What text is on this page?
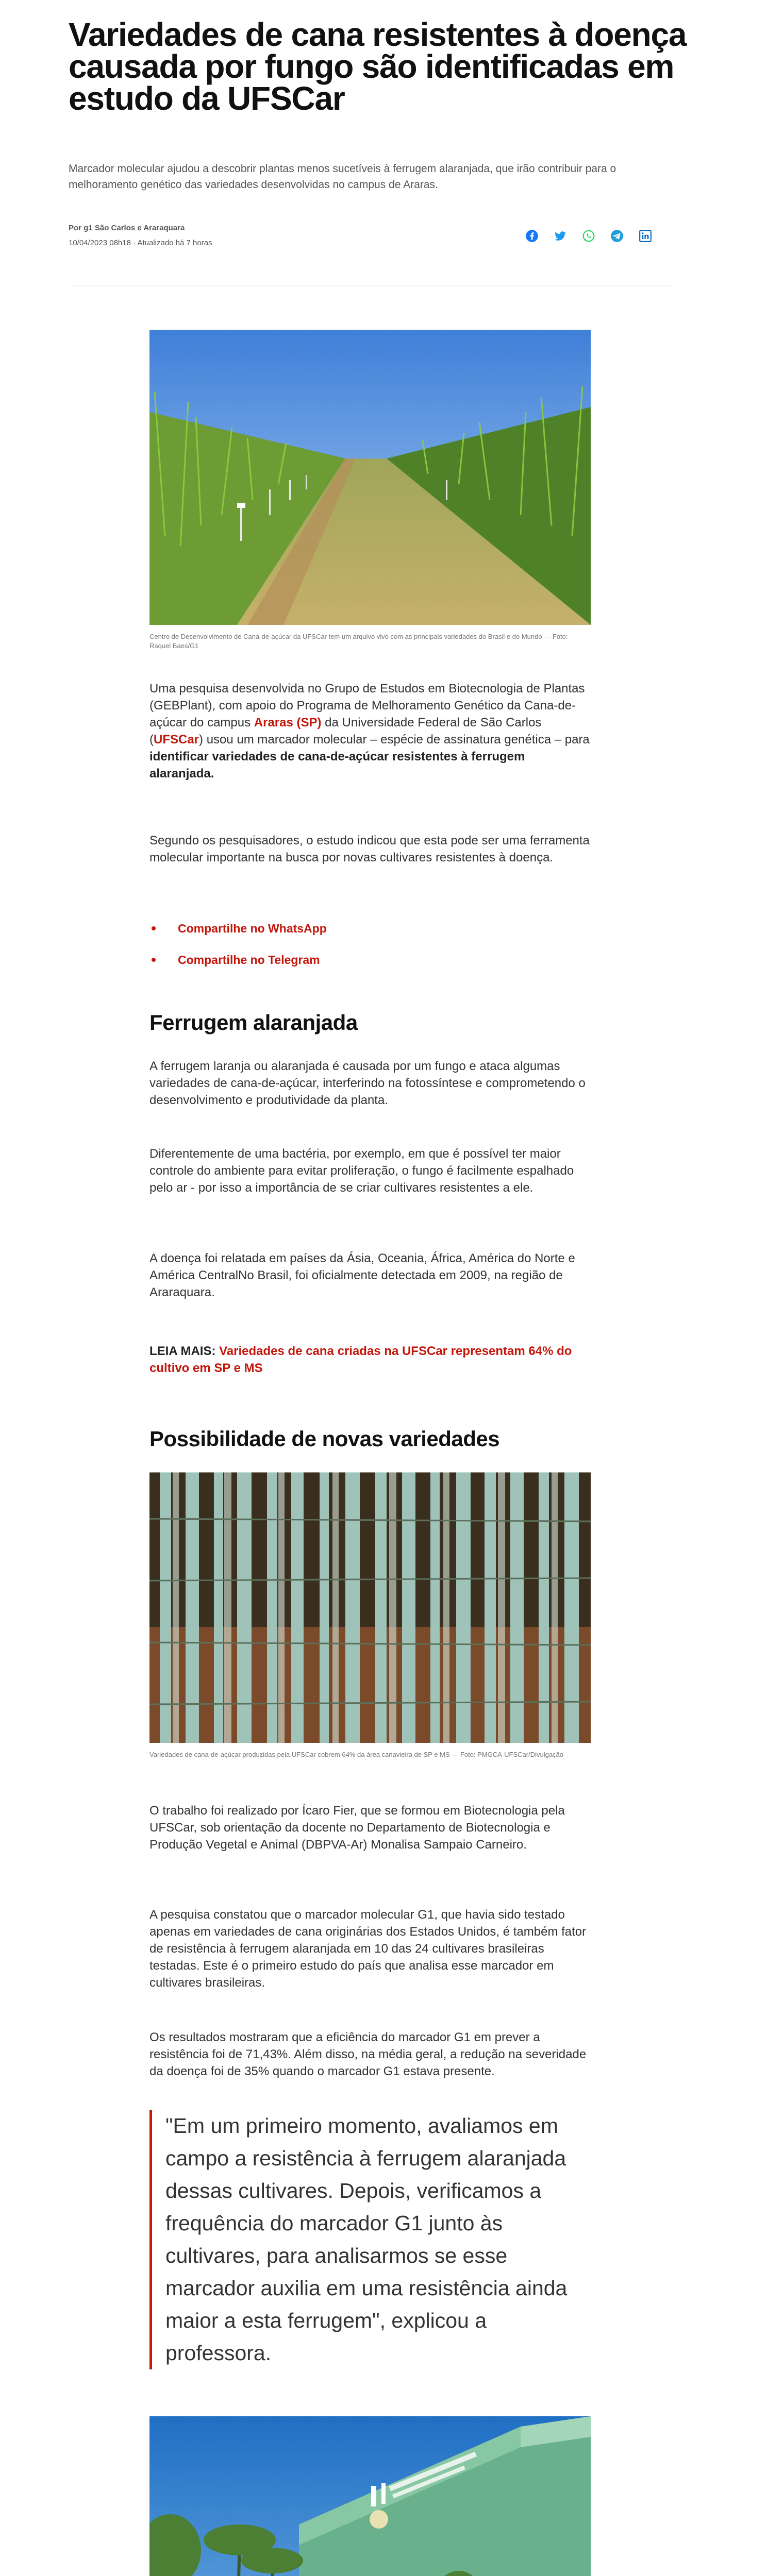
Variedades de cana resistentes à doença causada por fungo são identificadas em estudo da UFSCar

Marcador molecular ajudou a descobrir plantas menos sucetíveis à ferrugem alaranjada, que irão contribuir para o melhoramento genético das variedades desenvolvidas no campus de Araras.

Por g1 São Carlos e Araraquara
10/04/2023 08h18 · Atualizado há 7 horas

Centro de Desenvolvimento de Cana-de-açúcar da UFSCar tem um arquivo vivo com as principais variedades do Brasil e do Mundo — Foto: Raquel Baes/G1

Uma pesquisa desenvolvida no Grupo de Estudos em Biotecnologia de Plantas (GEBPlant), com apoio do Programa de Melhoramento Genético da Cana-de-açúcar do campus Araras (SP) da Universidade Federal de São Carlos (UFSCar) usou um marcador molecular – espécie de assinatura genética – para identificar variedades de cana-de-açúcar resistentes à ferrugem alaranjada.

Segundo os pesquisadores, o estudo indicou que esta pode ser uma ferramenta molecular importante na busca por novas cultivares resistentes à doença.

Compartilhe no WhatsApp
Compartilhe no Telegram
Ferrugem alaranjada

A ferrugem laranja ou alaranjada é causada por um fungo e ataca algumas variedades de cana-de-açúcar, interferindo na fotossíntese e comprometendo o desenvolvimento e produtividade da planta.

Diferentemente de uma bactéria, por exemplo, em que é possível ter maior controle do ambiente para evitar proliferação, o fungo é facilmente espalhado pelo ar - por isso a importância de se criar cultivares resistentes a ele.

A doença foi relatada em países da Ásia, Oceania, África, América do Norte e América CentralNo Brasil, foi oficialmente detectada em 2009, na região de Araraquara.

LEIA MAIS: Variedades de cana criadas na UFSCar representam 64% do cultivo em SP e MS

Possibilidade de novas variedades

Variedades de cana-de-açúcar produzidas pela UFSCar cobrem 64% da área canavieira de SP e MS — Foto: PMGCA-UFSCar/Divulgação

O trabalho foi realizado por Ícaro Fier, que se formou em Biotecnologia pela UFSCar, sob orientação da docente no Departamento de Biotecnologia e Produção Vegetal e Animal (DBPVA-Ar) Monalisa Sampaio Carneiro.

A pesquisa constatou que o marcador molecular G1, que havia sido testado apenas em variedades de cana originárias dos Estados Unidos, é também fator de resistência à ferrugem alaranjada em 10 das 24 cultivares brasileiras testadas. Este é o primeiro estudo do país que analisa esse marcador em cultivares brasileiras.

Os resultados mostraram que a eficiência do marcador G1 em prever a resistência foi de 71,43%. Além disso, na média geral, a redução na severidade da doença foi de 35% quando o marcador G1 estava presente.

"Em um primeiro momento, avaliamos em campo a resistência à ferrugem alaranjada dessas cultivares. Depois, verificamos a frequência do marcador G1 junto às cultivares, para analisarmos se esse marcador auxilia em uma resistência ainda maior a esta ferrugem", explicou a professora.
